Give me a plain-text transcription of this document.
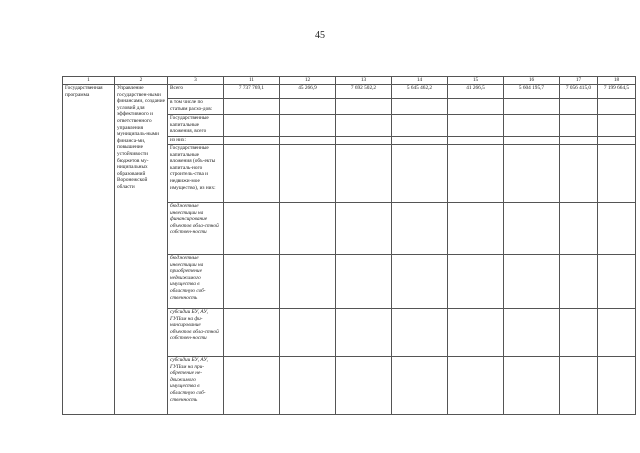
45
1	2	3	11	12	13	14	15	16	17	18
Государственная программа	Управление государствен-ными финансами, создание условий для эффективного и ответственного управления муниципаль-ными финанса-ми, повышение устойчивости бюджетов му-ниципальных образований Воронежской области	Всего	7 737 769,1	45 266,9	7 692 502,2	5 645 462,2	41 266,5	5 604 195,7	7 056 415,0	7 199 664,5
		в том числе по статьям расхо-дов:								
		Государственные капитальные вложения, всего								
		из них:								
		Государственные капитальные вложения (объ-екты капиталь-ного строитель-ства и недвижи-мое имущество), из них:								
		бюджетные инвестиции на финансирование объектов обла-стной собствен-ности								
		бюджетные инвестиции на приобретение недвижимого имущества в областную соб-ственность								
		субсидии БУ, АУ, ГУПам на фи-нансирование объектов обла-стной собствен-ности								
		субсидии БУ, АУ, ГУПам на при-обретение не-движимого имущества в областную соб-ственность								
